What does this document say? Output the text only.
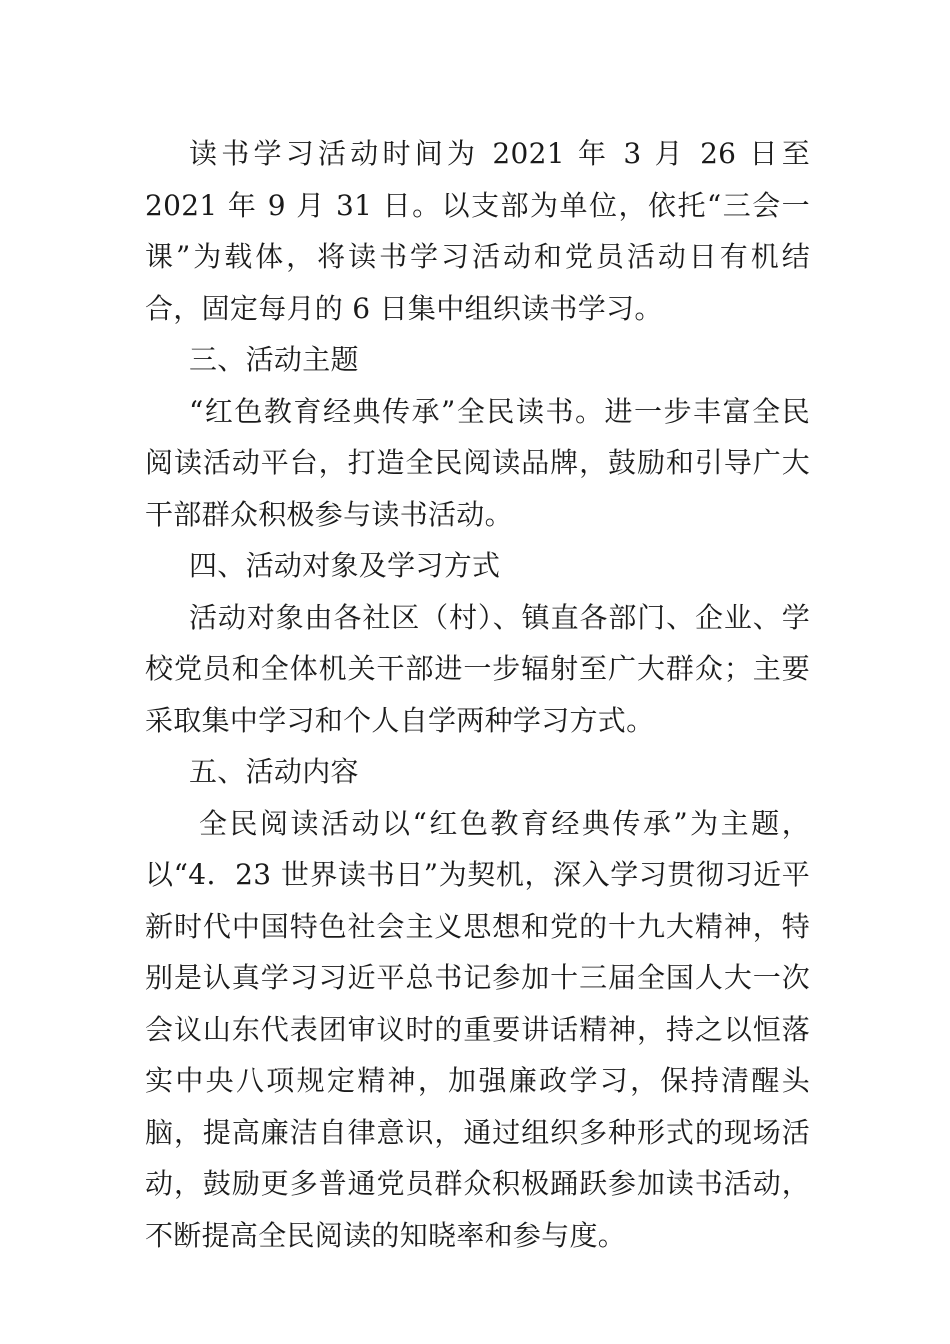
读书学习活动时间为 2021 年 3 月 26 日至 2021 年 9 月 31 日。以支部为单位，依托“三会一课”为载体，将读书学习活动和党员活动日有机结合，固定每月的 6 日集中组织读书学习。

三、活动主题

“红色教育经典传承”全民读书。进一步丰富全民阅读活动平台，打造全民阅读品牌，鼓励和引导广大干部群众积极参与读书活动。

四、活动对象及学习方式

活动对象由各社区（村）、镇直各部门、企业、学校党员和全体机关干部进一步辐射至广大群众；主要采取集中学习和个人自学两种学习方式。

五、活动内容

全民阅读活动以“红色教育经典传承”为主题，以“4．23 世界读书日”为契机，深入学习贯彻习近平新时代中国特色社会主义思想和党的十九大精神，特别是认真学习习近平总书记参加十三届全国人大一次会议山东代表团审议时的重要讲话精神，持之以恒落实中央八项规定精神，加强廉政学习，保持清醒头脑，提高廉洁自律意识，通过组织多种形式的现场活动，鼓励更多普通党员群众积极踊跃参加读书活动，不断提高全民阅读的知晓率和参与度。
